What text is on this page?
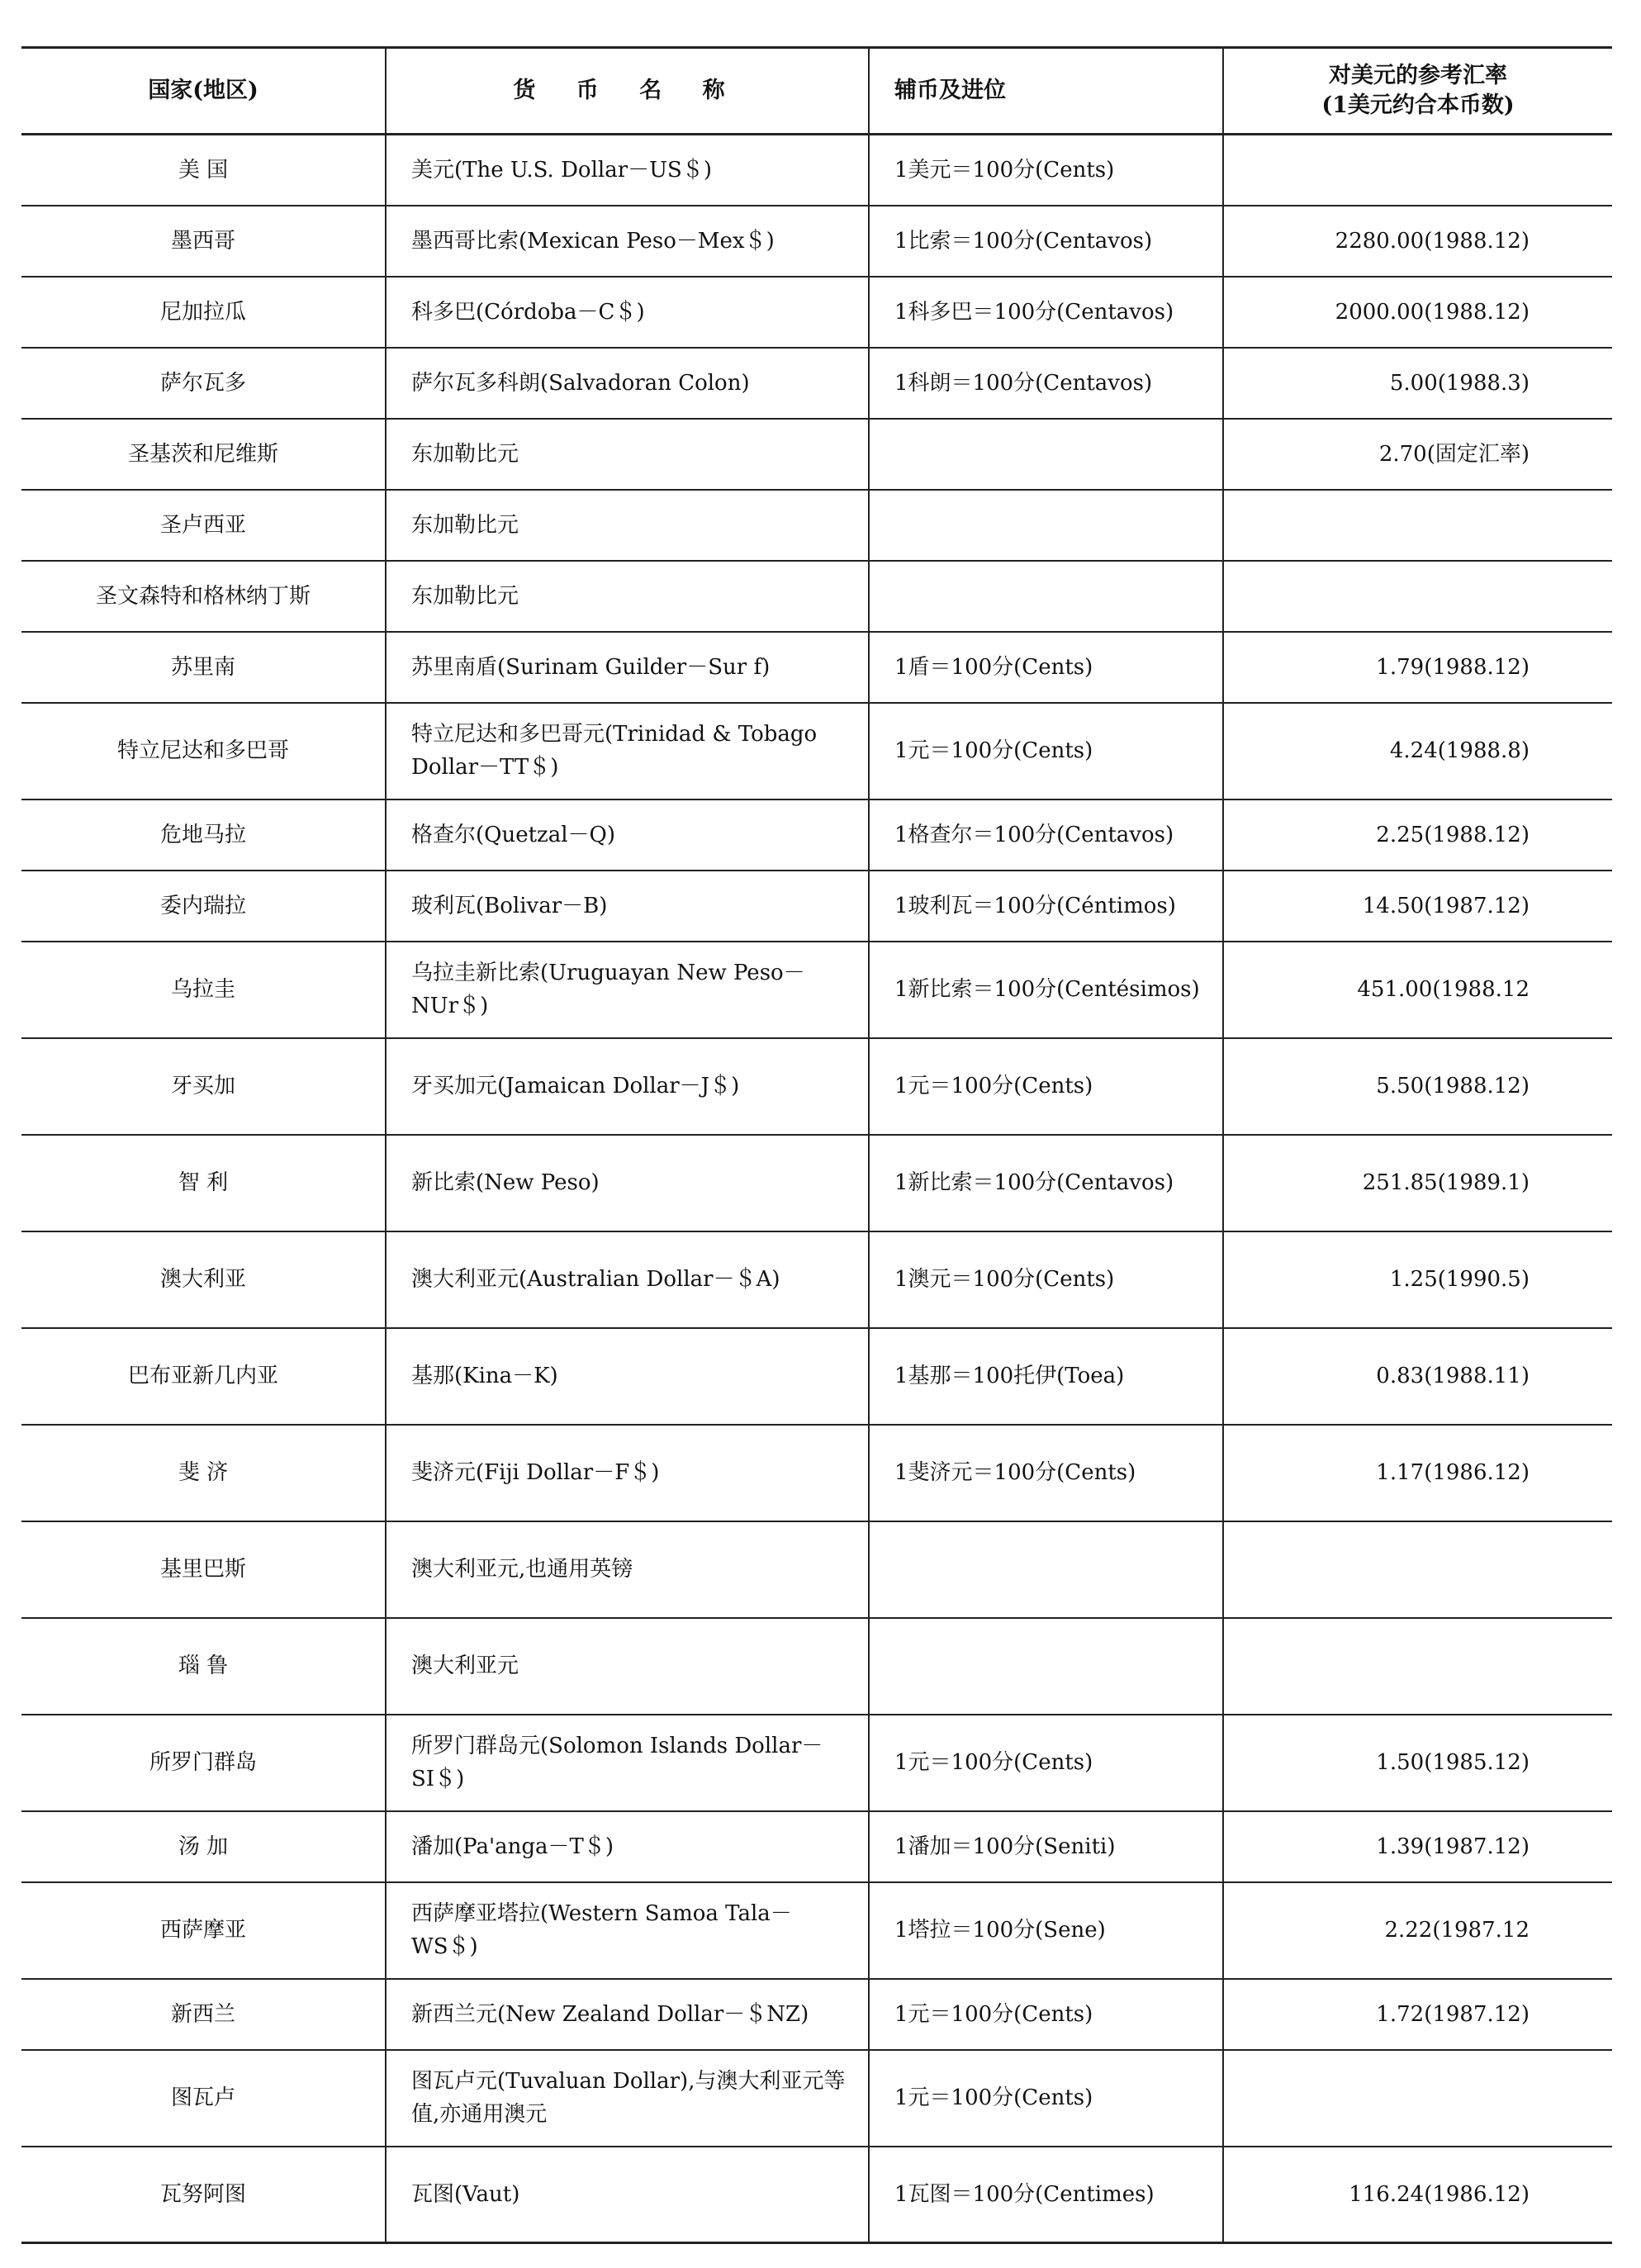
国家(地区)	货 币 名 称	辅币及进位	对美元的参考汇率
(1美元约合本币数)

美 国	美元(The U.S. Dollar－US＄)	1美元＝100分(Cents)	
墨西哥	墨西哥比索(Mexican Peso－Mex＄)	1比索＝100分(Centavos)	2280.00(1988.12)
尼加拉瓜	科多巴(Córdoba－C＄)	1科多巴＝100分(Centavos)	2000.00(1988.12)
萨尔瓦多	萨尔瓦多科朗(Salvadoran Colon)	1科朗＝100分(Centavos)	5.00(1988.3)
圣基茨和尼维斯	东加勒比元		2.70(固定汇率)
圣卢西亚	东加勒比元		
圣文森特和格林纳丁斯	东加勒比元		
苏里南	苏里南盾(Surinam Guilder－Sur f)	1盾＝100分(Cents)	1.79(1988.12)
特立尼达和多巴哥	特立尼达和多巴哥元(Trinidad & Tobago Dollar－TT＄)	1元＝100分(Cents)	4.24(1988.8)
危地马拉	格查尔(Quetzal－Q)	1格查尔＝100分(Centavos)	2.25(1988.12)
委内瑞拉	玻利瓦(Bolivar－B)	1玻利瓦＝100分(Céntimos)	14.50(1987.12)
乌拉圭	乌拉圭新比索(Uruguayan New Peso－NUr＄)	1新比索＝100分(Centésimos)	451.00(1988.12
牙买加	牙买加元(Jamaican Dollar－J＄)	1元＝100分(Cents)	5.50(1988.12)
智 利	新比索(New Peso)	1新比索＝100分(Centavos)	251.85(1989.1)
澳大利亚	澳大利亚元(Australian Dollar－＄A)	1澳元＝100分(Cents)	1.25(1990.5)
巴布亚新几内亚	基那(Kina－K)	1基那＝100托伊(Toea)	0.83(1988.11)
斐 济	斐济元(Fiji Dollar－F＄)	1斐济元＝100分(Cents)	1.17(1986.12)
基里巴斯	澳大利亚元,也通用英镑		
瑙 鲁	澳大利亚元		
所罗门群岛	所罗门群岛元(Solomon Islands Dollar－SI＄)	1元＝100分(Cents)	1.50(1985.12)
汤 加	潘加(Pa'anga－T＄)	1潘加＝100分(Seniti)	1.39(1987.12)
西萨摩亚	西萨摩亚塔拉(Western Samoa Tala－WS＄)	1塔拉＝100分(Sene)	2.22(1987.12
新西兰	新西兰元(New Zealand Dollar－＄NZ)	1元＝100分(Cents)	1.72(1987.12)
图瓦卢	图瓦卢元(Tuvaluan Dollar),与澳大利亚元等值,亦通用澳元	1元＝100分(Cents)	
瓦努阿图	瓦图(Vaut)	1瓦图＝100分(Centimes)	116.24(1986.12)
